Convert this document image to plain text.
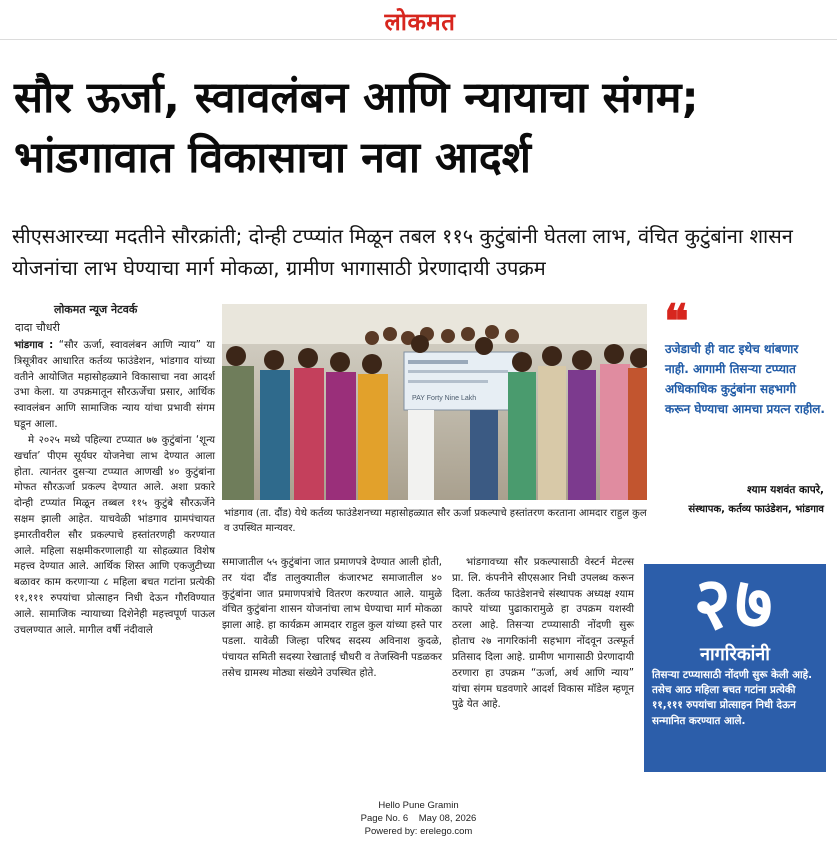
लोकमत
सौर ऊर्जा, स्वावलंबन आणि न्यायाचा संगम; भांडगावात विकासाचा नवा आदर्श
सीएसआरच्या मदतीने सौरक्रांती; दोन्ही टप्प्यांत मिळून तबल ११५ कुटुंबांनी घेतला लाभ, वंचित कुटुंबांना शासन योजनांचा लाभ घेण्याचा मार्ग मोकळा, ग्रामीण भागासाठी प्रेरणादायी उपक्रम
लोकमत न्यूज नेटवर्क
दादा चौधरी

भांडगाव : “सौर ऊर्जा, स्वावलंबन आणि न्याय” या त्रिसूत्रीवर आधारित कर्तव्य फाउंडेशन, भांडगाव यांच्या वतीने आयोजित महासोहळ्याने विकासाचा नवा आदर्श उभा केला. या उपक्रमातून सौरऊर्जेचा प्रसार, आर्थिक स्वावलंबन आणि सामाजिक न्याय यांचा प्रभावी संगम घडून आला.

मे २०२५ मध्ये पहिल्या टप्प्यात ७७ कुटुंबांना ‘शून्य खर्चात’ पीएम सूर्यघर योजनेचा लाभ देण्यात आला होता. त्यानंतर दुसऱ्या टप्प्यात आणखी ४० कुटुंबांना मोफत सौरऊर्जा प्रकल्प देण्यात आले. अशा प्रकारे दोन्ही टप्प्यांत मिळून तब्बल ११५ कुटुंबे सौरऊर्जेने सक्षम झाली आहेत. याचवेळी भांडगाव ग्रामपंचायत इमारतीवरील सौर प्रकल्पाचे हस्तांतरणही करण्यात आले. महिला सक्षमीकरणालाही या सोहळ्यात विशेष महत्त्व देण्यात आले. आर्थिक शिस्त आणि एकजुटीच्या बळावर काम करणाऱ्या ८ महिला बचत गटांना प्रत्येकी ११,१११ रुपयांचा प्रोत्साहन निधी देऊन गौरविण्यात आले. सामाजिक न्यायाच्या दिशेनेही महत्त्वपूर्ण पाऊल उचलण्यात आले. मागील वर्षी नंदीवाले

PAY Forty Nine Lakh
भांडगाव (ता. दौंड) येथे कर्तव्य फाउंडेशनच्या महासोहळ्यात सौर ऊर्जा प्रकल्पाचे हस्तांतरण करताना आमदार राहुल कुल व उपस्थित मान्यवर.

समाजातील ५५ कुटुंबांना जात प्रमाणपत्रे देण्यात आली होती, तर यंदा दौंड तालुक्यातील कंजारभट समाजातील ४० कुटुंबांना जात प्रमाणपत्रांचे वितरण करण्यात आले. यामुळे वंचित कुटुंबांना शासन योजनांचा लाभ घेण्याचा मार्ग मोकळा झाला आहे. हा कार्यक्रम आमदार राहुल कुल यांच्या हस्ते पार पडला. यावेळी जिल्हा परिषद सदस्य अविनाश कुदळे, पंचायत समिती सदस्या रेखाताई चौधरी व तेजस्विनी पडळकर तसेच ग्रामस्थ मोठ्या संख्येने उपस्थित होते.

भांडगावच्या सौर प्रकल्पासाठी वेस्टर्न मेटल्स प्रा. लि. कंपनीने सीएसआर निधी उपलब्ध करून दिला. कर्तव्य फाउंडेशनचे संस्थापक अध्यक्ष श्याम कापरे यांच्या पुढाकारामुळे हा उपक्रम यशस्वी ठरला आहे. तिसऱ्या टप्प्यासाठी नोंदणी सुरू होताच २७ नागरिकांनी सहभाग नोंदवून उत्स्फूर्त प्रतिसाद दिला आहे. ग्रामीण भागासाठी प्रेरणादायी ठरणारा हा उपक्रम “ऊर्जा, अर्थ आणि न्याय” यांचा संगम घडवणारे आदर्श विकास मॉडेल म्हणून पुढे येत आहे.

❝
उजेडाची ही वाट इथेच थांबणार नाही. आगामी तिसऱ्या टप्प्यात अधिकाधिक कुटुंबांना सहभागी करून घेण्याचा आमचा प्रयत्न राहील.
श्याम यशवंत कापरे,
संस्थापक, कर्तव्य फाउंडेशन, भांडगाव
२७
नागरिकांनी
तिसऱ्या टप्प्यासाठी नोंदणी सुरू केली आहे. तसेच आठ महिला बचत गटांना प्रत्येकी ११,१११ रुपयांचा प्रोत्साहन निधी देऊन सन्मानित करण्यात आले.
Hello Pune Gramin
Page No. 6    May 08, 2026
Powered by: erelego.com
